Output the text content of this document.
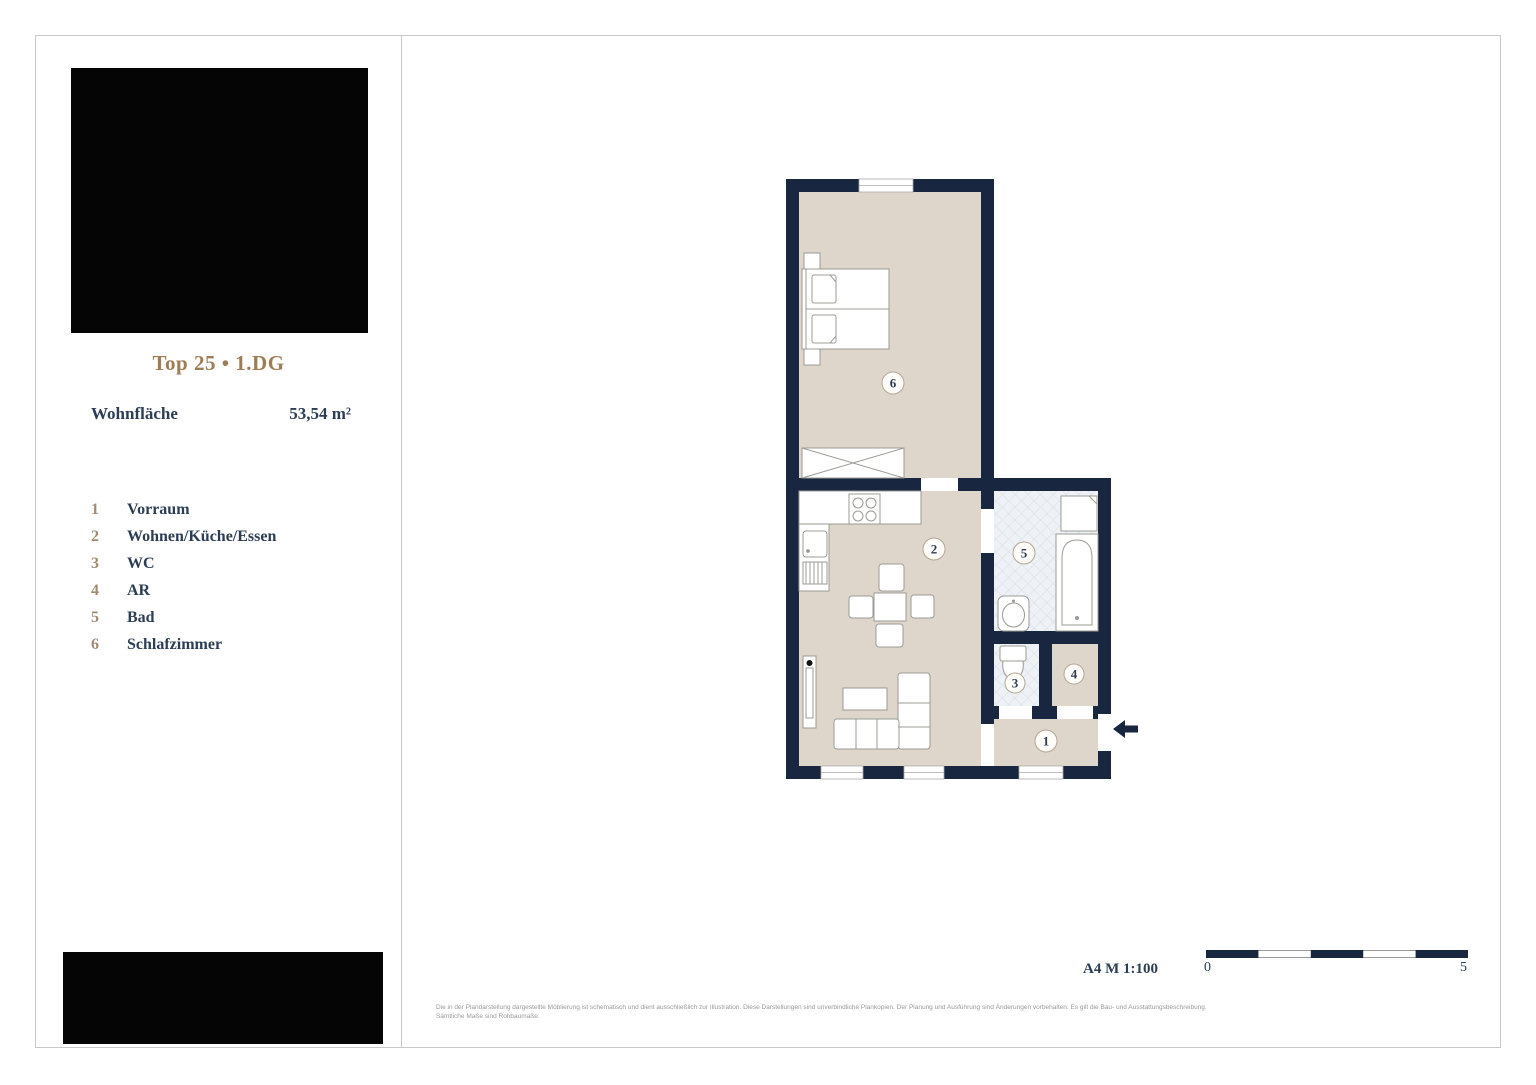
Top 25 • 1.DG
Wohnfläche	53,54 m²
1	Vorraum
2	Wohnen/Küche/Essen
3	WC
4	AR
5	Bad
6	Schlafzimmer
6
2	5
3
4
1
A4 M 1:100	0	5
Die in der Plandarstellung dargestellte Möblierung ist schematisch und dient ausschließlich zur Illustration. Diese Darstellungen sind unverbindliche Plankopien. Der Planung und Ausführung sind Änderungen vorbehalten. Es gilt die Bau- und Ausstattungsbeschreibung. Sämtliche Maße sind Rohbaumaße.
